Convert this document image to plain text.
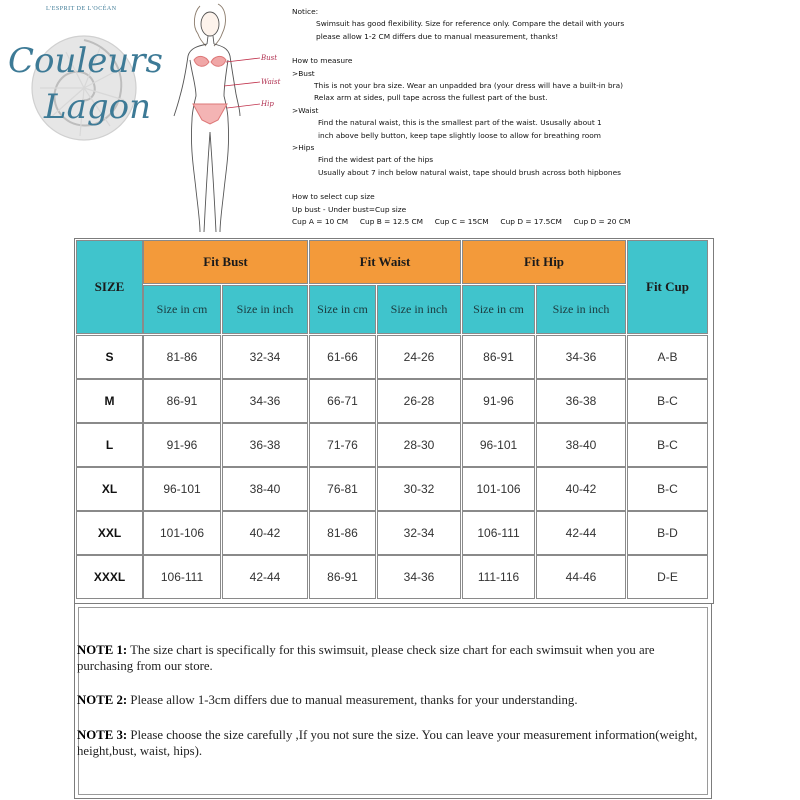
Couleurs
Lagon
L'ESPRIT DE L'OCÉAN
Bust
Waist
Hip
Notice:
Swimsuit has good flexibility. Size for reference only. Compare the detail with yours
please allow 1-2 CM differs due to manual measurement, thanks!
How to measure
>Bust
This is not your bra size. Wear an unpadded bra (your dress will have a built-in bra)
Relax arm at sides, pull tape across the fullest part of the bust.
>Waist
Find the natural waist, this is the smallest part of the waist. Ususally about 1
inch above belly button, keep tape slightly loose to allow for breathing room
>Hips
Find the widest part of the hips
Usually about 7 inch below natural waist, tape should brush across both hipbones
How to select cup size
Up bust - Under bust=Cup size
Cup A = 10 CM     Cup B = 12.5 CM     Cup C = 15CM     Cup D = 17.5CM     Cup D = 20 CM
SIZE
Fit Bust	Fit Waist	Fit Hip
Fit Cup
Size in cm	Size in inch	Size in cm	Size in inch	Size in cm	Size in inch
S	81-86	32-34	61-66	24-26	86-91	34-36	A-B
M	86-91	34-36	66-71	26-28	91-96	36-38	B-C
L	91-96	36-38	71-76	28-30	96-101	38-40	B-C
XL	96-101	38-40	76-81	30-32	101-106	40-42	B-C
XXL	101-106	40-42	81-86	32-34	106-111	42-44	B-D
XXXL	106-111	42-44	86-91	34-36	111-116	44-46	D-E
NOTE 1: The size chart is specifically for this swimsuit, please check size chart for each swimsuit when you are purchasing from our store.
NOTE 2: Please allow 1-3cm differs due to manual measurement, thanks for your understanding.
NOTE 3: Please choose the size carefully ,If you not sure the size. You can leave your measurement information(weight, height,bust, waist, hips).
